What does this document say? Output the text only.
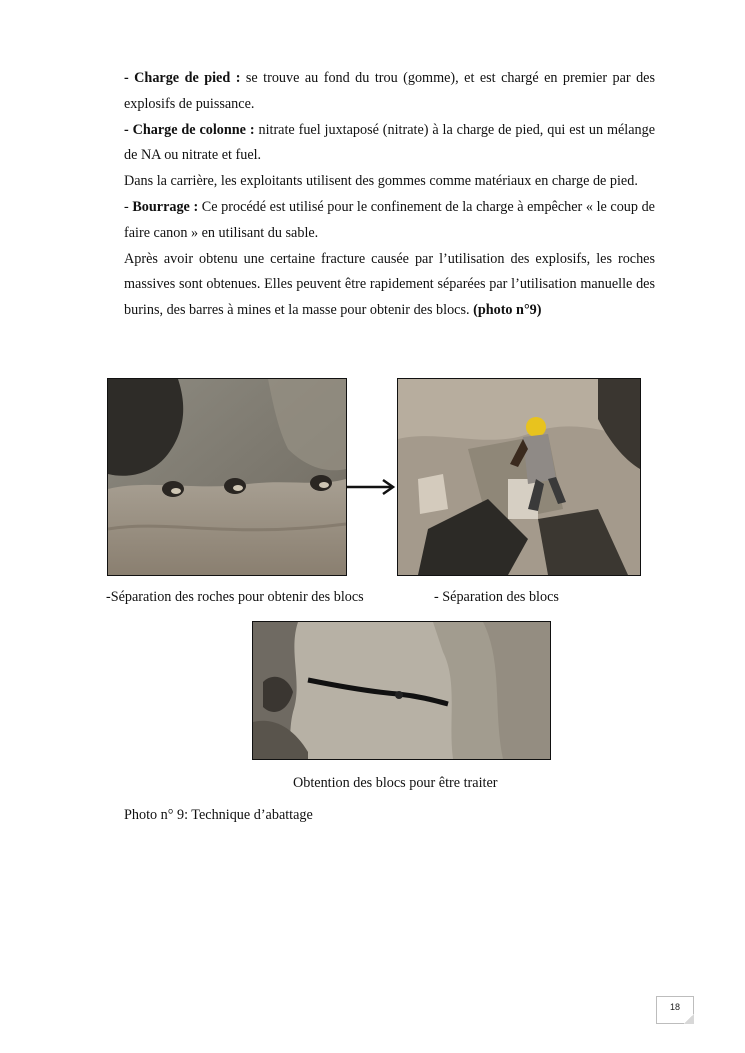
- Charge de pied : se trouve au fond du trou (gomme), et est chargé en premier par des explosifs de puissance.

- Charge de colonne : nitrate fuel juxtaposé (nitrate) à la charge de pied, qui est un mélange de NA ou nitrate et fuel.

Dans la carrière, les exploitants utilisent des gommes comme matériaux en charge de pied.

- Bourrage : Ce procédé est utilisé pour le confinement de la charge à empêcher « le coup de faire canon » en utilisant du sable.

Après avoir obtenu une certaine fracture causée par l’utilisation des explosifs, les roches massives sont obtenues. Elles peuvent être rapidement séparées par l’utilisation manuelle des burins, des barres à mines et la masse pour obtenir des blocs. (photo n°9)

-Séparation des roches pour obtenir des blocs	- Séparation des blocs
Obtention des blocs pour être traiter
Photo n° 9: Technique d’abattage
18
